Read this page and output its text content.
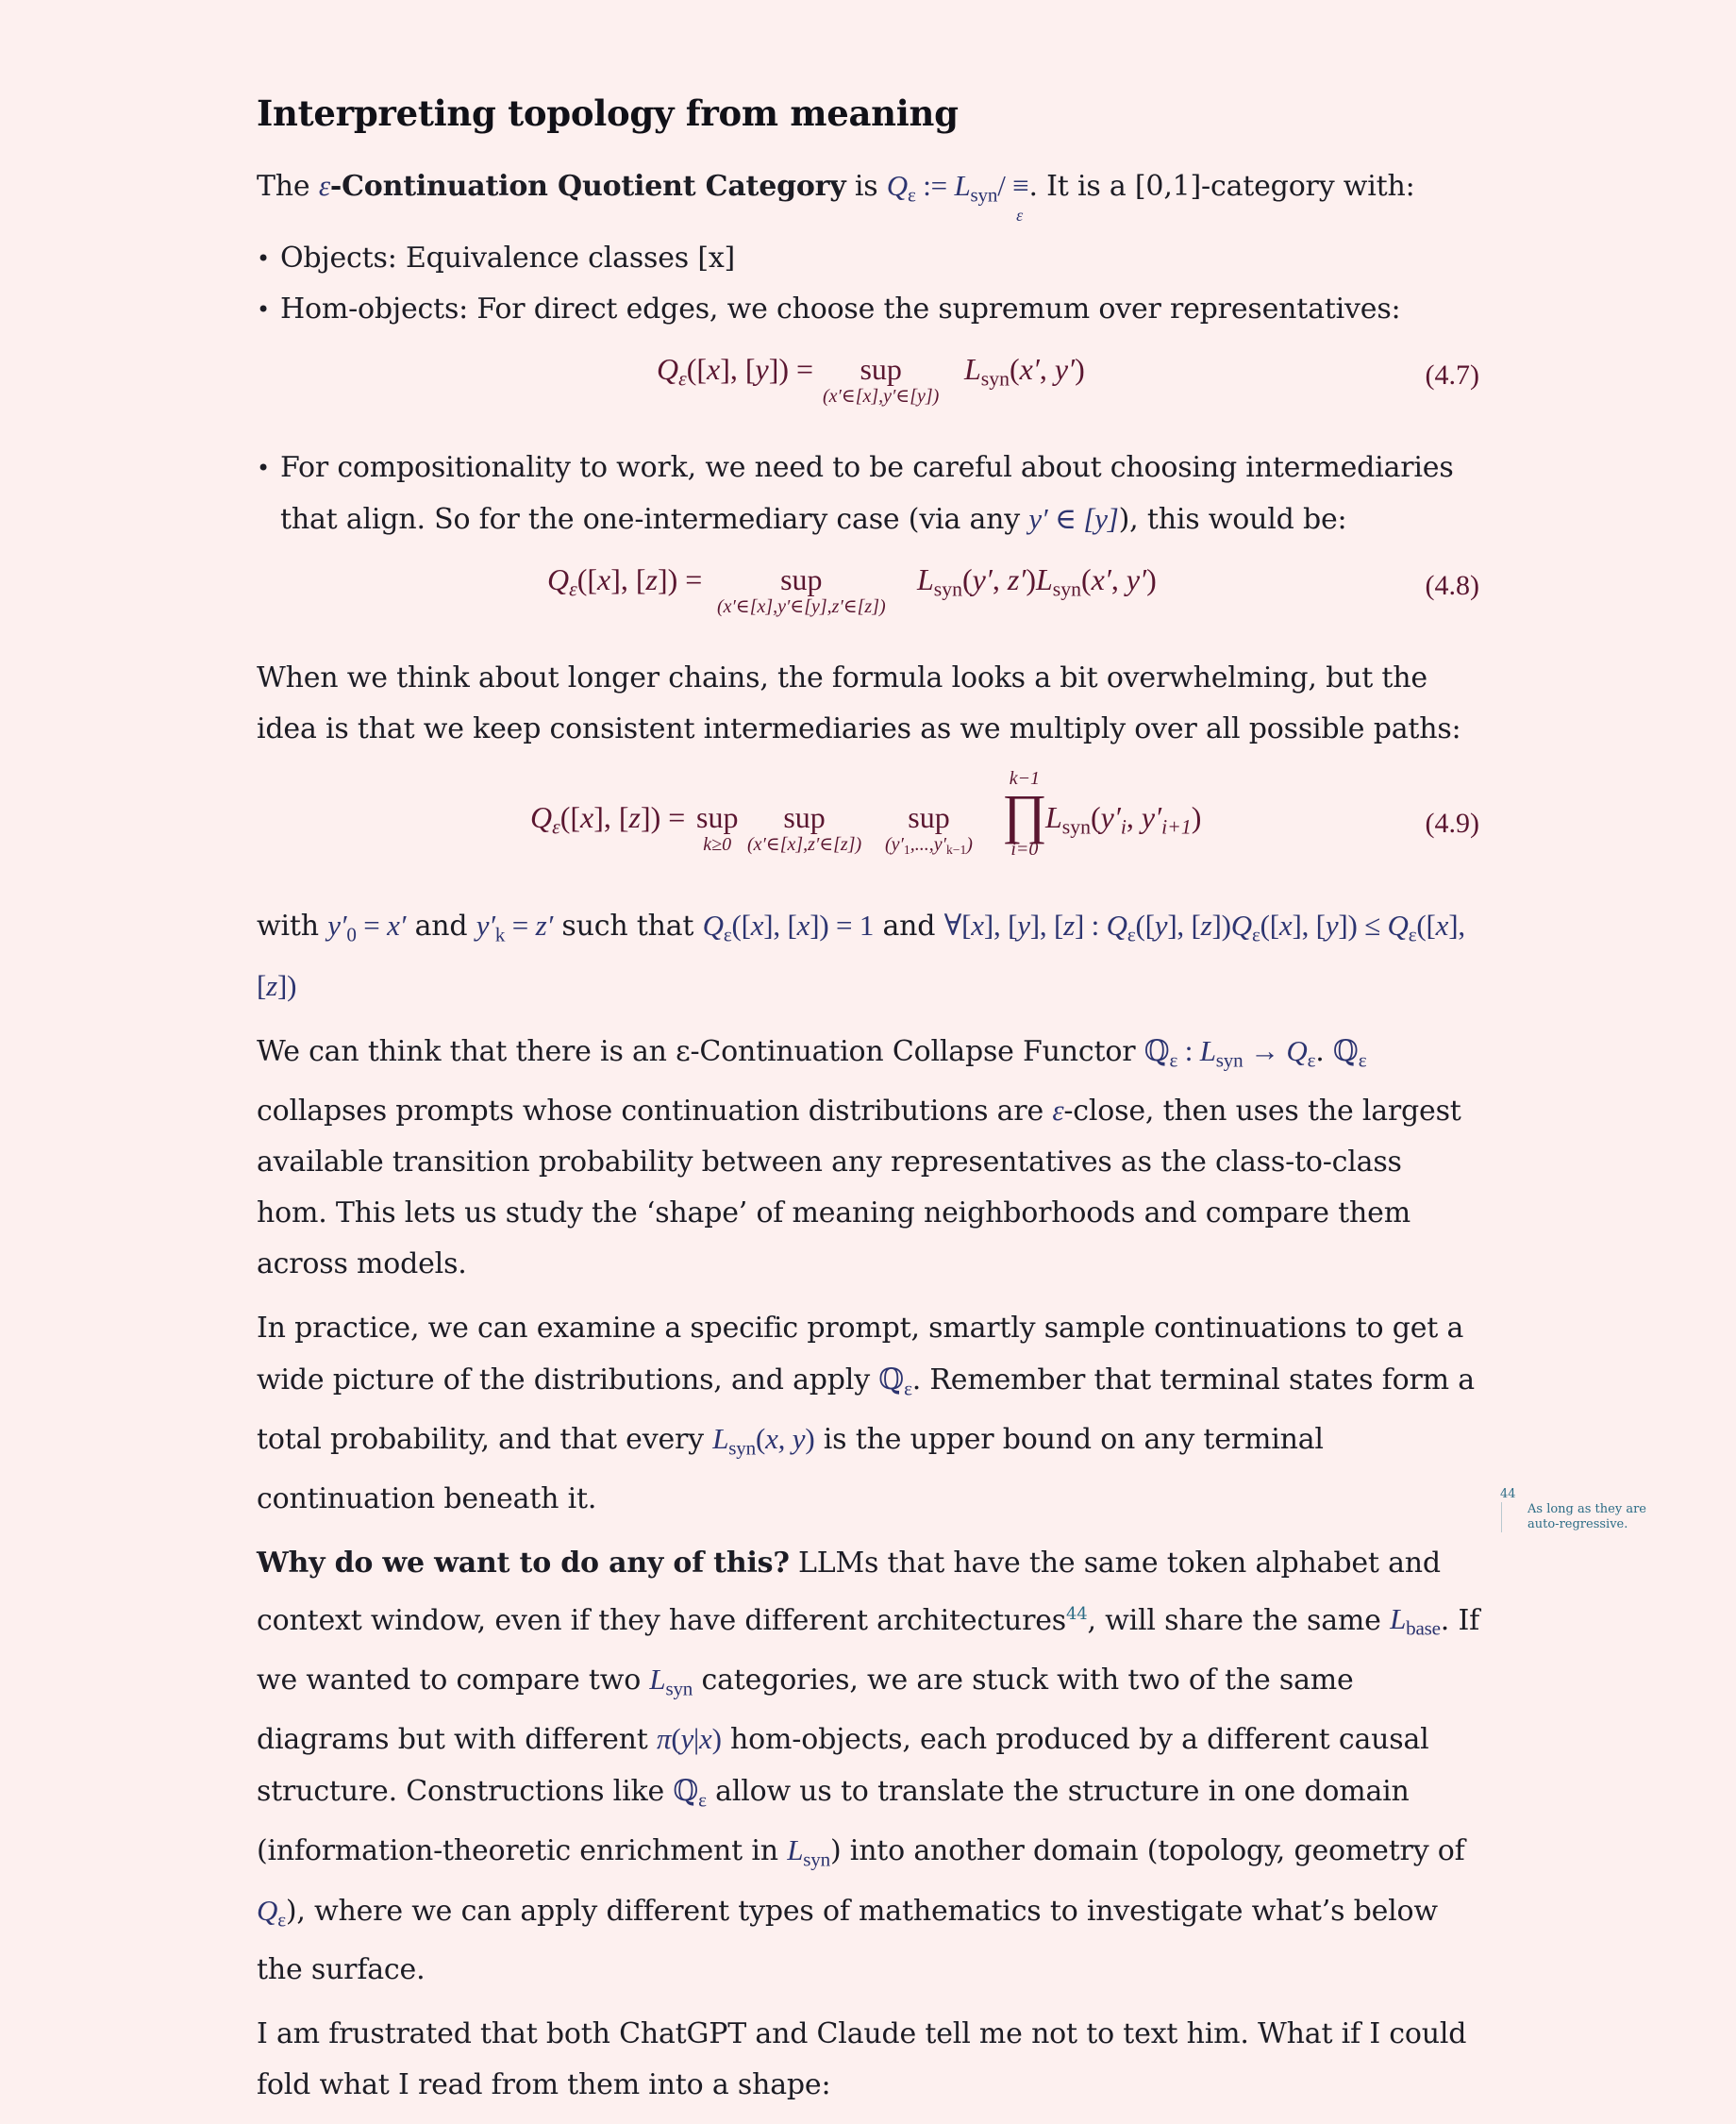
Interpreting topology from meaning

The ε-Continuation Quotient Category is $Q_\varepsilon$ := $L_{syn}/$ ≡
ε
. It is a [0,1]-category with:

• Objects: Equivalence classes [x]
• Hom-objects: For direct edges, we choose the supremum over representatives:
$Q_\varepsilon([x]$, [y]) =	sup
(x′∈[x],y′∈[y])
$L_{syn}(x'$, y′)	(4.7)
• For compositionality to work, we need to be careful about choosing intermediaries that align. So for the one-intermediary case (via any y′ ∈ [y]), this would be:
$Q_\varepsilon([x]$, [z]) =	sup
(x′∈[x],y′∈[y],z′∈[z])
$L_{syn}(y'$, $z')L_{syn}(x'$, y′)	(4.8)

When we think about longer chains, the formula looks a bit overwhelming, but the idea is that we keep consistent intermediaries as we multiply over all possible paths:

$Q_\varepsilon([x]$, [z]) = sup
k≥0
sup
(x′∈[x],z′∈[z])
sup
$(y'_1,...,y'_{k-1})$
k−1
∏
i=0
$L_{syn}(y'_i$, $y'_{i+1}$)	(4.9)

with $y'_0 = x'$ and $y'_k = z'$ such that $Q_\varepsilon([x]$, [x]) = 1 and ∀[x], [y], [z] : $Q_\varepsilon([y]$, $[z])Q_\varepsilon([x]$, $[y]) \le Q_\varepsilon([x]$, [z])

We can think that there is an ε-Continuation Collapse Functor ℚ$_\varepsilon$ : $L_{syn} \to Q_\varepsilon$. ℚ$_\varepsilon$ collapses prompts whose continuation distributions are ε-close, then uses the largest available transition probability between any representatives as the class-to-class hom. This lets us study the ‘shape’ of meaning neighborhoods and compare them across models.

In practice, we can examine a specific prompt, smartly sample continuations to get a wide picture of the distributions, and apply ℚ$_\varepsilon$. Remember that terminal states form a total probability, and that every $L_{syn}(x$, y) is the upper bound on any terminal continuation beneath it.

Why do we want to do any of this? LLMs that have the same token alphabet and context window, even if they have different architectures$^{44}$, will share the same $L_{base}$. If we wanted to compare two $L_{syn}$ categories, we are stuck with two of the same diagrams but with different π(y|x) hom-objects, each produced by a different causal structure. Constructions like ℚ$_\varepsilon$ allow us to translate the structure in one domain (information-theoretic enrichment in $L_{syn}$) into another domain (topology, geometry of $Q_\varepsilon$), where we can apply different types of mathematics to investigate what’s below the surface.

I am frustrated that both ChatGPT and Claude tell me not to text him. What if I could fold what I read from them into a shape:

44
As long as they are auto-regressive.
